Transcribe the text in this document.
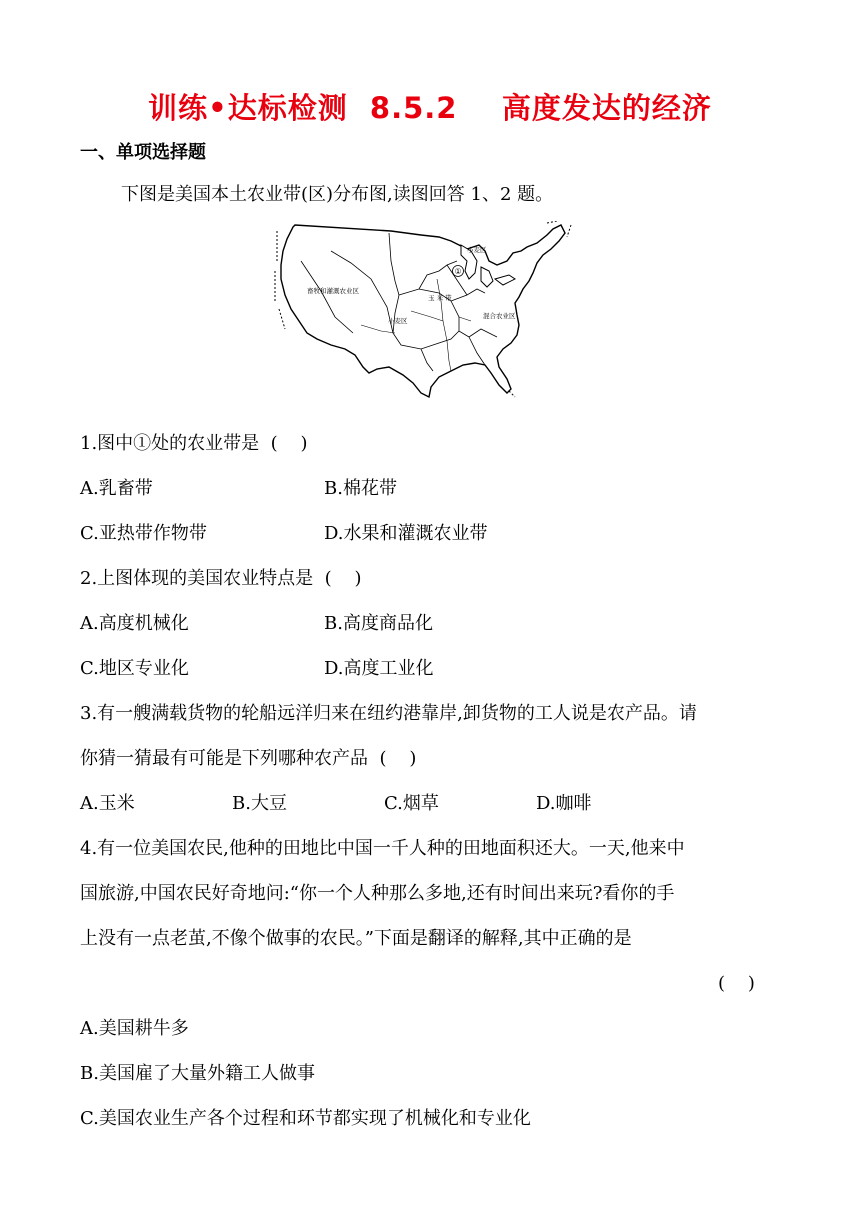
训练•达标检测  8.5.2    高度发达的经济
一、单项选择题
下图是美国本土农业带(区)分布图,读图回答 1、2 题。
小麦区
①
畜牧和灌溉农业区
玉 米 带
混合农业区
小麦区
1.图中①处的农业带是  (    )
A.乳畜带	B.棉花带
C.亚热带作物带	D.水果和灌溉农业带
2.上图体现的美国农业特点是  (    )
A.高度机械化	B.高度商品化
C.地区专业化	D.高度工业化
3.有一艘满载货物的轮船远洋归来在纽约港靠岸,卸货物的工人说是农产品。请
你猜一猜最有可能是下列哪种农产品  (    )
A.玉米	B.大豆	C.烟草	D.咖啡
4.有一位美国农民,他种的田地比中国一千人种的田地面积还大。一天,他来中
国旅游,中国农民好奇地问:“你一个人种那么多地,还有时间出来玩?看你的手
上没有一点老茧,不像个做事的农民。”下面是翻译的解释,其中正确的是
(    )
A.美国耕牛多
B.美国雇了大量外籍工人做事
C.美国农业生产各个过程和环节都实现了机械化和专业化
